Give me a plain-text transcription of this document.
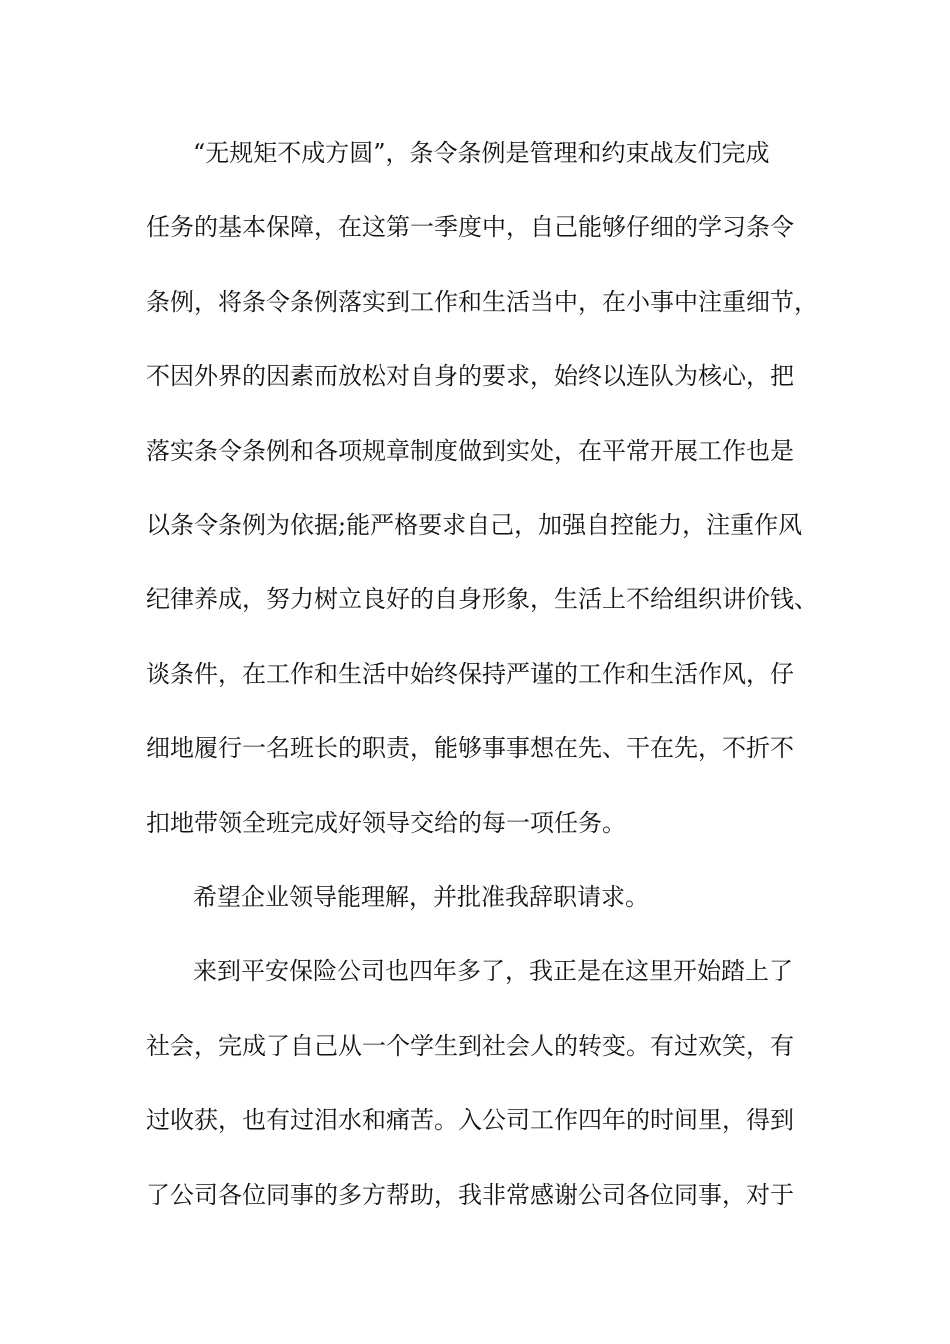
“无规矩不成方圆”，条令条例是管理和约束战友们完成
任务的基本保障，在这第一季度中，自己能够仔细的学习条令
条例，将条令条例落实到工作和生活当中，在小事中注重细节，
不因外界的因素而放松对自身的要求，始终以连队为核心，把
落实条令条例和各项规章制度做到实处，在平常开展工作也是
以条令条例为依据;能严格要求自己，加强自控能力，注重作风
纪律养成，努力树立良好的自身形象，生活上不给组织讲价钱、
谈条件，在工作和生活中始终保持严谨的工作和生活作风，仔
细地履行一名班长的职责，能够事事想在先、干在先，不折不
扣地带领全班完成好领导交给的每一项任务。
希望企业领导能理解，并批准我辞职请求。
来到平安保险公司也四年多了，我正是在这里开始踏上了
社会，完成了自己从一个学生到社会人的转变。有过欢笑，有
过收获，也有过泪水和痛苦。入公司工作四年的时间里，得到
了公司各位同事的多方帮助，我非常感谢公司各位同事，对于
